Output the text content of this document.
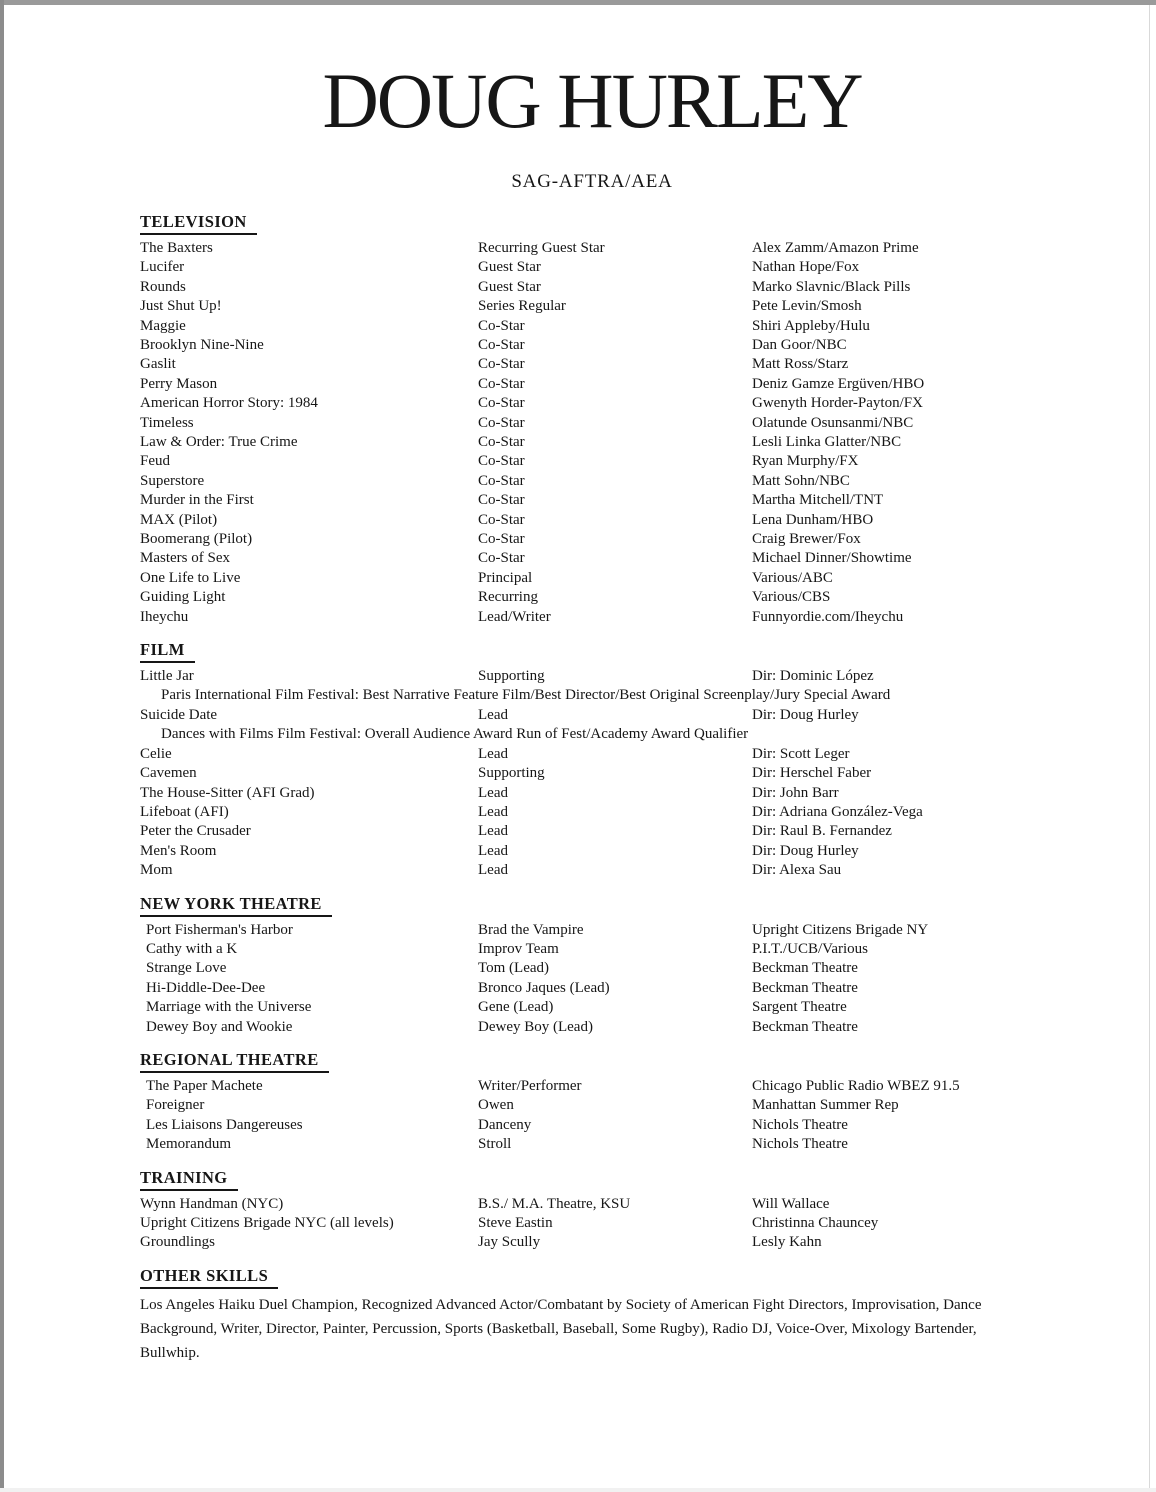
DOUG HURLEY
SAG-AFTRA/AEA
TELEVISION
The Baxters	Recurring Guest Star	Alex Zamm/Amazon Prime
Lucifer	Guest Star	Nathan Hope/Fox
Rounds	Guest Star	Marko Slavnic/Black Pills
Just Shut Up!	Series Regular	Pete Levin/Smosh
Maggie	Co-Star	Shiri Appleby/Hulu
Brooklyn Nine-Nine	Co-Star	Dan Goor/NBC
Gaslit	Co-Star	Matt Ross/Starz
Perry Mason	Co-Star	Deniz Gamze Ergüven/HBO
American Horror Story: 1984	Co-Star	Gwenyth Horder-Payton/FX
Timeless	Co-Star	Olatunde Osunsanmi/NBC
Law & Order: True Crime	Co-Star	Lesli Linka Glatter/NBC
Feud	Co-Star	Ryan Murphy/FX
Superstore	Co-Star	Matt Sohn/NBC
Murder in the First	Co-Star	Martha Mitchell/TNT
MAX (Pilot)	Co-Star	Lena Dunham/HBO
Boomerang (Pilot)	Co-Star	Craig Brewer/Fox
Masters of Sex	Co-Star	Michael Dinner/Showtime
One Life to Live	Principal	Various/ABC
Guiding Light	Recurring	Various/CBS
Iheychu	Lead/Writer	Funnyordie.com/Iheychu
FILM
Little Jar	Supporting	Dir: Dominic López
Paris International Film Festival: Best Narrative Feature Film/Best Director/Best Original Screenplay/Jury Special Award
Suicide Date	Lead	Dir: Doug Hurley
Dances with Films Film Festival: Overall Audience Award Run of Fest/Academy Award Qualifier
Celie	Lead	Dir: Scott Leger
Cavemen	Supporting	Dir: Herschel Faber
The House-Sitter (AFI Grad)	Lead	Dir: John Barr
Lifeboat (AFI)	Lead	Dir: Adriana González-Vega
Peter the Crusader	Lead	Dir: Raul B. Fernandez
Men's Room	Lead	Dir: Doug Hurley
Mom	Lead	Dir: Alexa Sau
NEW YORK THEATRE
Port Fisherman's Harbor	Brad the Vampire	Upright Citizens Brigade NY
Cathy with a K	Improv Team	P.I.T./UCB/Various
Strange Love	Tom (Lead)	Beckman Theatre
Hi-Diddle-Dee-Dee	Bronco Jaques (Lead)	Beckman Theatre
Marriage with the Universe	Gene (Lead)	Sargent Theatre
Dewey Boy and Wookie	Dewey Boy (Lead)	Beckman Theatre
REGIONAL THEATRE
The Paper Machete	Writer/Performer	Chicago Public Radio WBEZ 91.5
Foreigner	Owen	Manhattan Summer Rep
Les Liaisons Dangereuses	Danceny	Nichols Theatre
Memorandum	Stroll	Nichols Theatre
TRAINING
Wynn Handman (NYC)	B.S./ M.A. Theatre, KSU	Will Wallace
Upright Citizens Brigade NYC (all levels)	Steve Eastin	Christinna Chauncey
Groundlings	Jay Scully	Lesly Kahn
OTHER SKILLS

Los Angeles Haiku Duel Champion, Recognized Advanced Actor/Combatant by Society of American Fight Directors, Improvisation, Dance Background, Writer, Director, Painter, Percussion, Sports (Basketball, Baseball, Some Rugby), Radio DJ, Voice-Over, Mixology Bartender, Bullwhip.
